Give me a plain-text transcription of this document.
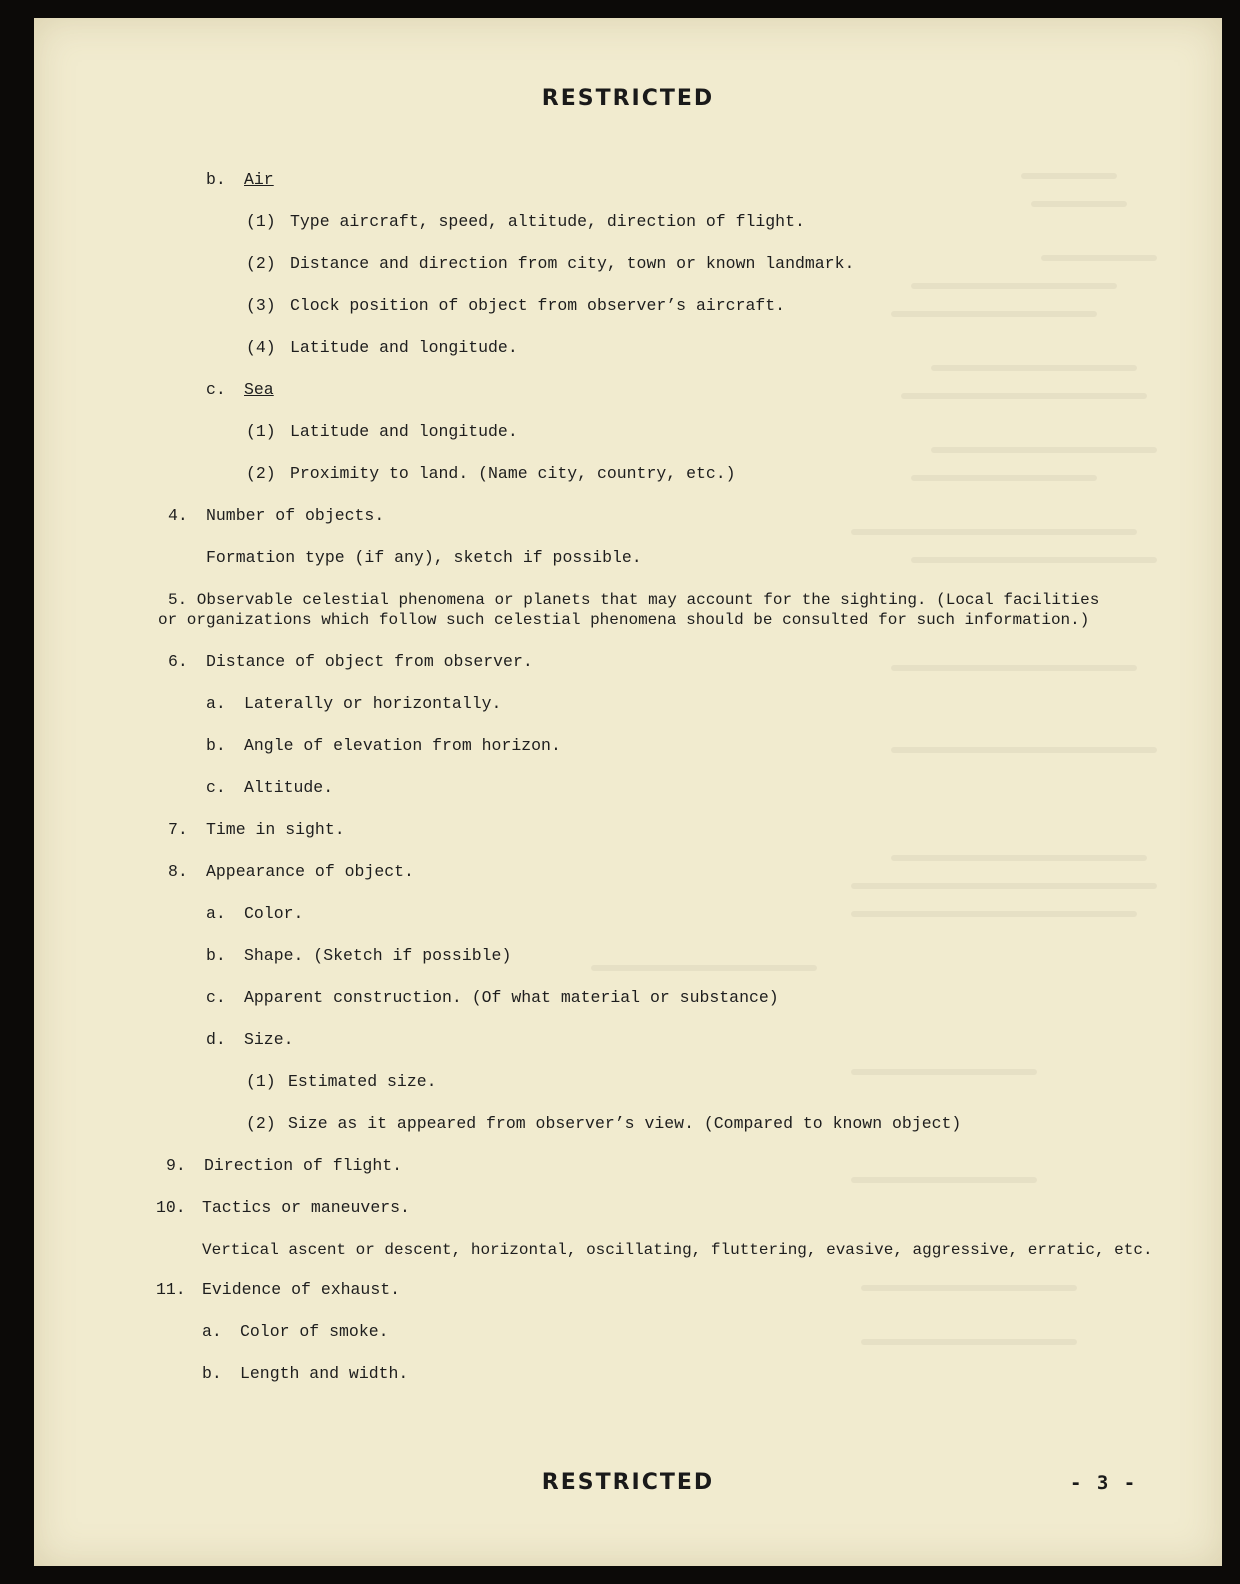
RESTRICTED
b. Air
(1) Type aircraft, speed, altitude, direction of flight.
(2) Distance and direction from city, town or known landmark.
(3) Clock position of object from observer’s aircraft.
(4) Latitude and longitude.
c. Sea
(1) Latitude and longitude.
(2) Proximity to land. (Name city, country, etc.)
4. Number of objects.
Formation type (if any), sketch if possible.
5. Observable celestial phenomena or planets that may account for the sighting. (Local facilities
or organizations which follow such celestial phenomena should be consulted for such information.)
6. Distance of object from observer.
a. Laterally or horizontally.
b. Angle of elevation from horizon.
c. Altitude.
7. Time in sight.
8. Appearance of object.
a. Color.
b. Shape. (Sketch if possible)
c. Apparent construction. (Of what material or substance)
d. Size.
(1) Estimated size.
(2) Size as it appeared from observer’s view. (Compared to known object)
9. Direction of flight.
10. Tactics or maneuvers.
Vertical ascent or descent, horizontal, oscillating, fluttering, evasive, aggressive, erratic, etc.
11. Evidence of exhaust.
a. Color of smoke.
b. Length and width.
RESTRICTED	- 3 -
